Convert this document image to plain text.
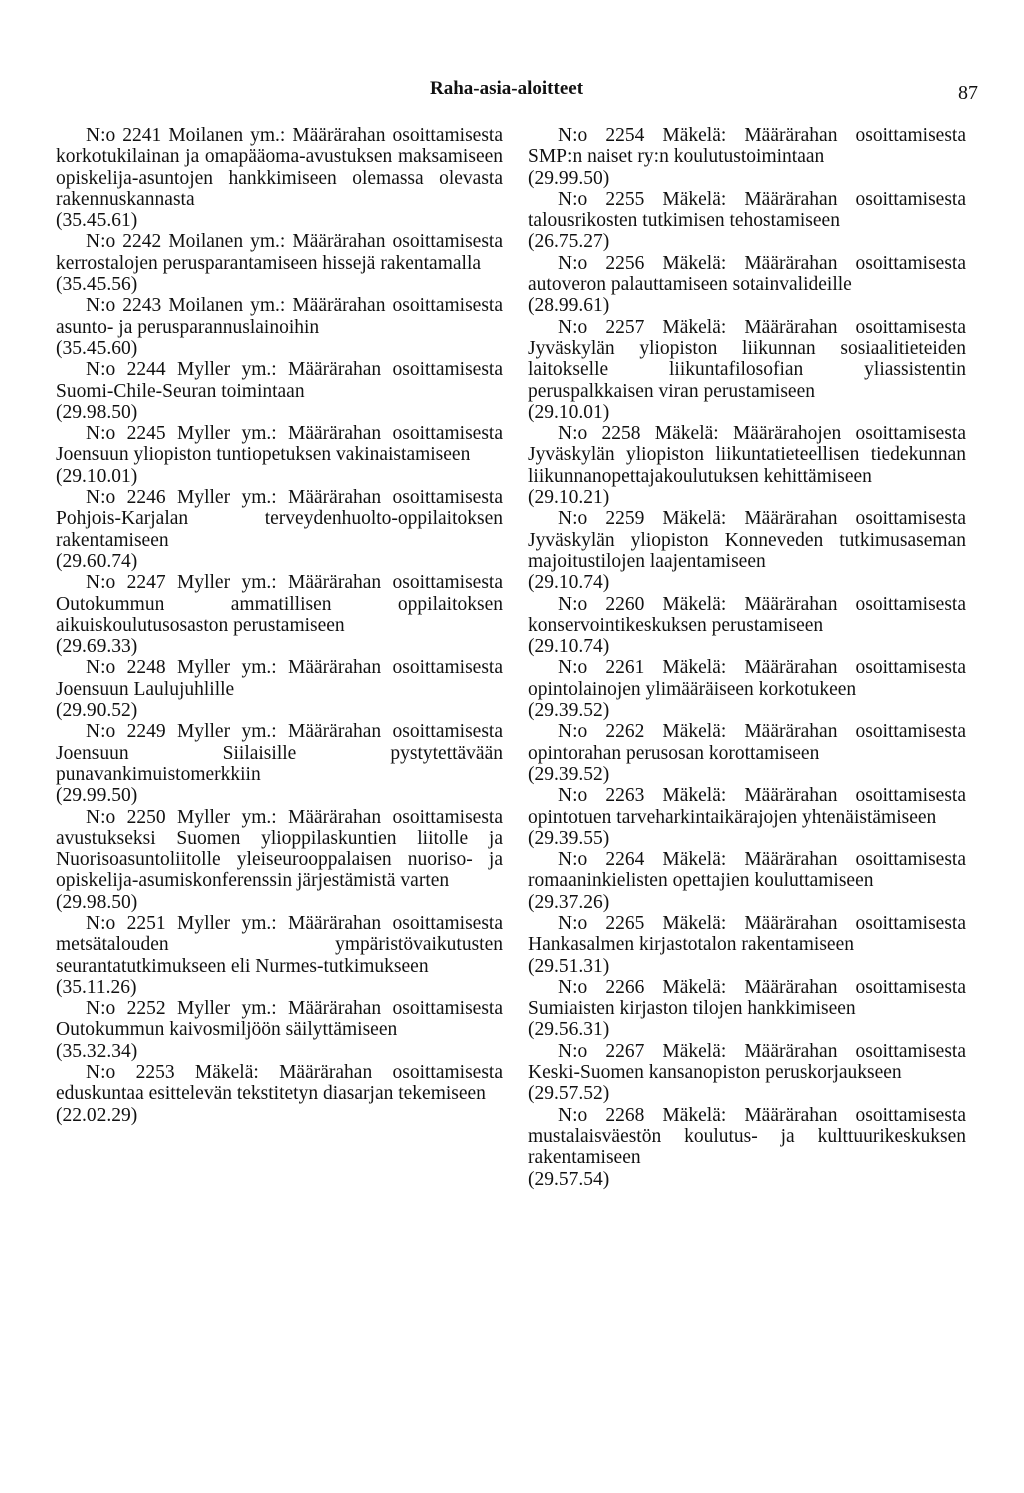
Raha-asia-aloitteet	87

N:o 2241 Moilanen ym.: Määrärahan osoittamisesta korkotukilainan ja omapääoma-avustuksen maksamiseen opiskelija-asuntojen hankkimiseen olemassa olevasta rakennuskannasta

(35.45.61)

N:o 2242 Moilanen ym.: Määrärahan osoittamisesta kerrostalojen perusparantamiseen hissejä rakentamalla

(35.45.56)

N:o 2243 Moilanen ym.: Määrärahan osoittamisesta asunto- ja perusparannuslainoihin

(35.45.60)

N:o 2244 Myller ym.: Määrärahan osoittamisesta Suomi-Chile-Seuran toimintaan

(29.98.50)

N:o 2245 Myller ym.: Määrärahan osoittamisesta Joensuun yliopiston tuntiopetuksen vakinaistamiseen

(29.10.01)

N:o 2246 Myller ym.: Määrärahan osoittamisesta Pohjois-Karjalan terveydenhuolto-oppilaitoksen rakentamiseen

(29.60.74)

N:o 2247 Myller ym.: Määrärahan osoittamisesta Outokummun ammatillisen oppilaitoksen aikuiskoulutusosaston perustamiseen

(29.69.33)

N:o 2248 Myller ym.: Määrärahan osoittamisesta Joensuun Laulujuhlille

(29.90.52)

N:o 2249 Myller ym.: Määrärahan osoittamisesta Joensuun Siilaisille pystytettävään punavankimuistomerkkiin

(29.99.50)

N:o 2250 Myller ym.: Määrärahan osoittamisesta avustukseksi Suomen ylioppilaskuntien liitolle ja Nuorisoasuntoliitolle yleiseurooppalaisen nuoriso- ja opiskelija-asumiskonferenssin järjestämistä varten

(29.98.50)

N:o 2251 Myller ym.: Määrärahan osoittamisesta metsätalouden ympäristövaikutusten seurantatutkimukseen eli Nurmes-tutkimukseen

(35.11.26)

N:o 2252 Myller ym.: Määrärahan osoittamisesta Outokummun kaivosmiljöön säilyttämiseen

(35.32.34)

N:o 2253 Mäkelä: Määrärahan osoittamisesta eduskuntaa esittelevän tekstitetyn diasarjan tekemiseen

(22.02.29)

N:o 2254 Mäkelä: Määrärahan osoittamisesta SMP:n naiset ry:n koulutustoimintaan

(29.99.50)

N:o 2255 Mäkelä: Määrärahan osoittamisesta talousrikosten tutkimisen tehostamiseen

(26.75.27)

N:o 2256 Mäkelä: Määrärahan osoittamisesta autoveron palauttamiseen sotainvalideille

(28.99.61)

N:o 2257 Mäkelä: Määrärahan osoittamisesta Jyväskylän yliopiston liikunnan sosiaalitieteiden laitokselle liikuntafilosofian yliassistentin peruspalkkaisen viran perustamiseen

(29.10.01)

N:o 2258 Mäkelä: Määrärahojen osoittamisesta Jyväskylän yliopiston liikuntatieteellisen tiedekunnan liikunnanopettajakoulutuksen kehittämiseen

(29.10.21)

N:o 2259 Mäkelä: Määrärahan osoittamisesta Jyväskylän yliopiston Konneveden tutkimusaseman majoitustilojen laajentamiseen

(29.10.74)

N:o 2260 Mäkelä: Määrärahan osoittamisesta konservointikeskuksen perustamiseen

(29.10.74)

N:o 2261 Mäkelä: Määrärahan osoittamisesta opintolainojen ylimääräiseen korkotukeen

(29.39.52)

N:o 2262 Mäkelä: Määrärahan osoittamisesta opintorahan perusosan korottamiseen

(29.39.52)

N:o 2263 Mäkelä: Määrärahan osoittamisesta opintotuen tarveharkintaikärajojen yhtenäistämiseen

(29.39.55)

N:o 2264 Mäkelä: Määrärahan osoittamisesta romaaninkielisten opettajien kouluttamiseen

(29.37.26)

N:o 2265 Mäkelä: Määrärahan osoittamisesta Hankasalmen kirjastotalon rakentamiseen

(29.51.31)

N:o 2266 Mäkelä: Määrärahan osoittamisesta Sumiaisten kirjaston tilojen hankkimiseen

(29.56.31)

N:o 2267 Mäkelä: Määrärahan osoittamisesta Keski-Suomen kansanopiston peruskorjaukseen

(29.57.52)

N:o 2268 Mäkelä: Määrärahan osoittamisesta mustalaisväestön koulutus- ja kulttuurikeskuksen rakentamiseen

(29.57.54)
